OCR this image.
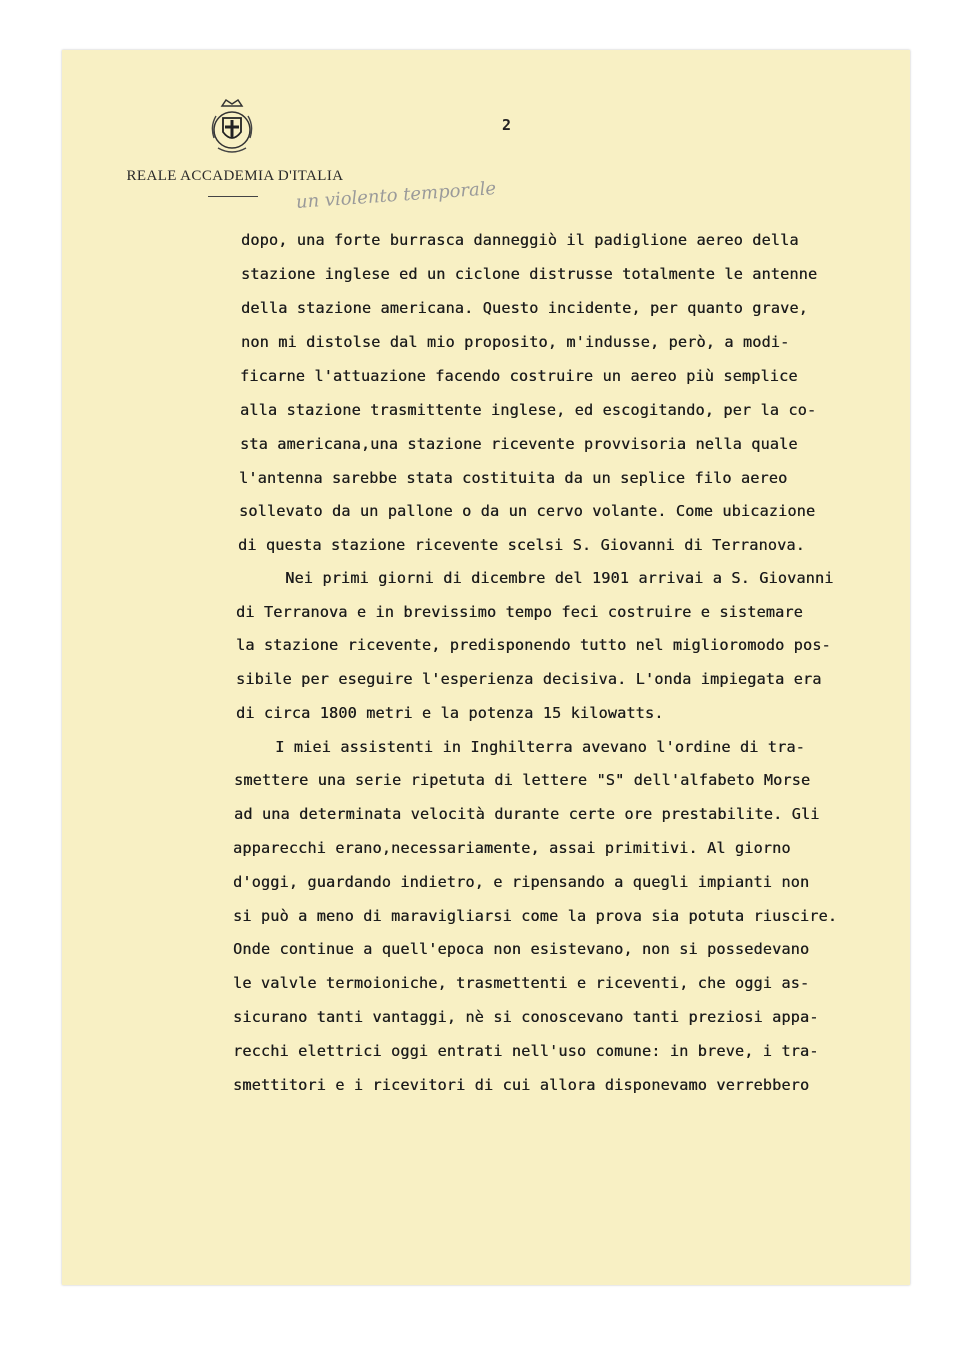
REALE ACCADEMIA D'ITALIA
2
un violento temporale
dopo, una forte burrasca danneggiò il padiglione aereo della
stazione inglese ed un ciclone distrusse totalmente le antenne
della stazione americana. Questo incidente, per quanto grave,
non mi distolse dal mio proposito, m'indusse, però, a modi-
ficarne l'attuazione facendo costruire un aereo più semplice
alla stazione trasmittente inglese, ed escogitando, per la co-
sta americana,una stazione ricevente provvisoria nella quale
l'antenna sarebbe stata costituita da un seplice filo aereo
sollevato da un pallone o da un cervo volante. Come ubicazione
di questa stazione ricevente scelsi S. Giovanni di Terranova.
Nei primi giorni di dicembre del 1901 arrivai a S. Giovanni
di Terranova e in brevissimo tempo feci costruire e sistemare
la stazione ricevente, predisponendo tutto nel miglioromodo pos-
sibile per eseguire l'esperienza decisiva. L'onda impiegata era
di circa 1800 metri e la potenza 15 kilowatts.
I miei assistenti in Inghilterra avevano l'ordine di tra-
smettere una serie ripetuta di lettere "S" dell'alfabeto Morse
ad una determinata velocità durante certe ore prestabilite. Gli
apparecchi erano,necessariamente, assai primitivi. Al giorno
d'oggi, guardando indietro, e ripensando a quegli impianti non
si può a meno di maravigliarsi come la prova sia potuta riuscire.
Onde continue a quell'epoca non esistevano, non si possedevano
le valvle termoioniche, trasmettenti e riceventi, che oggi as-
sicurano tanti vantaggi, nè si conoscevano tanti preziosi appa-
recchi elettrici oggi entrati nell'uso comune: in breve, i tra-
smettitori e i ricevitori di cui allora disponevamo verrebbero
